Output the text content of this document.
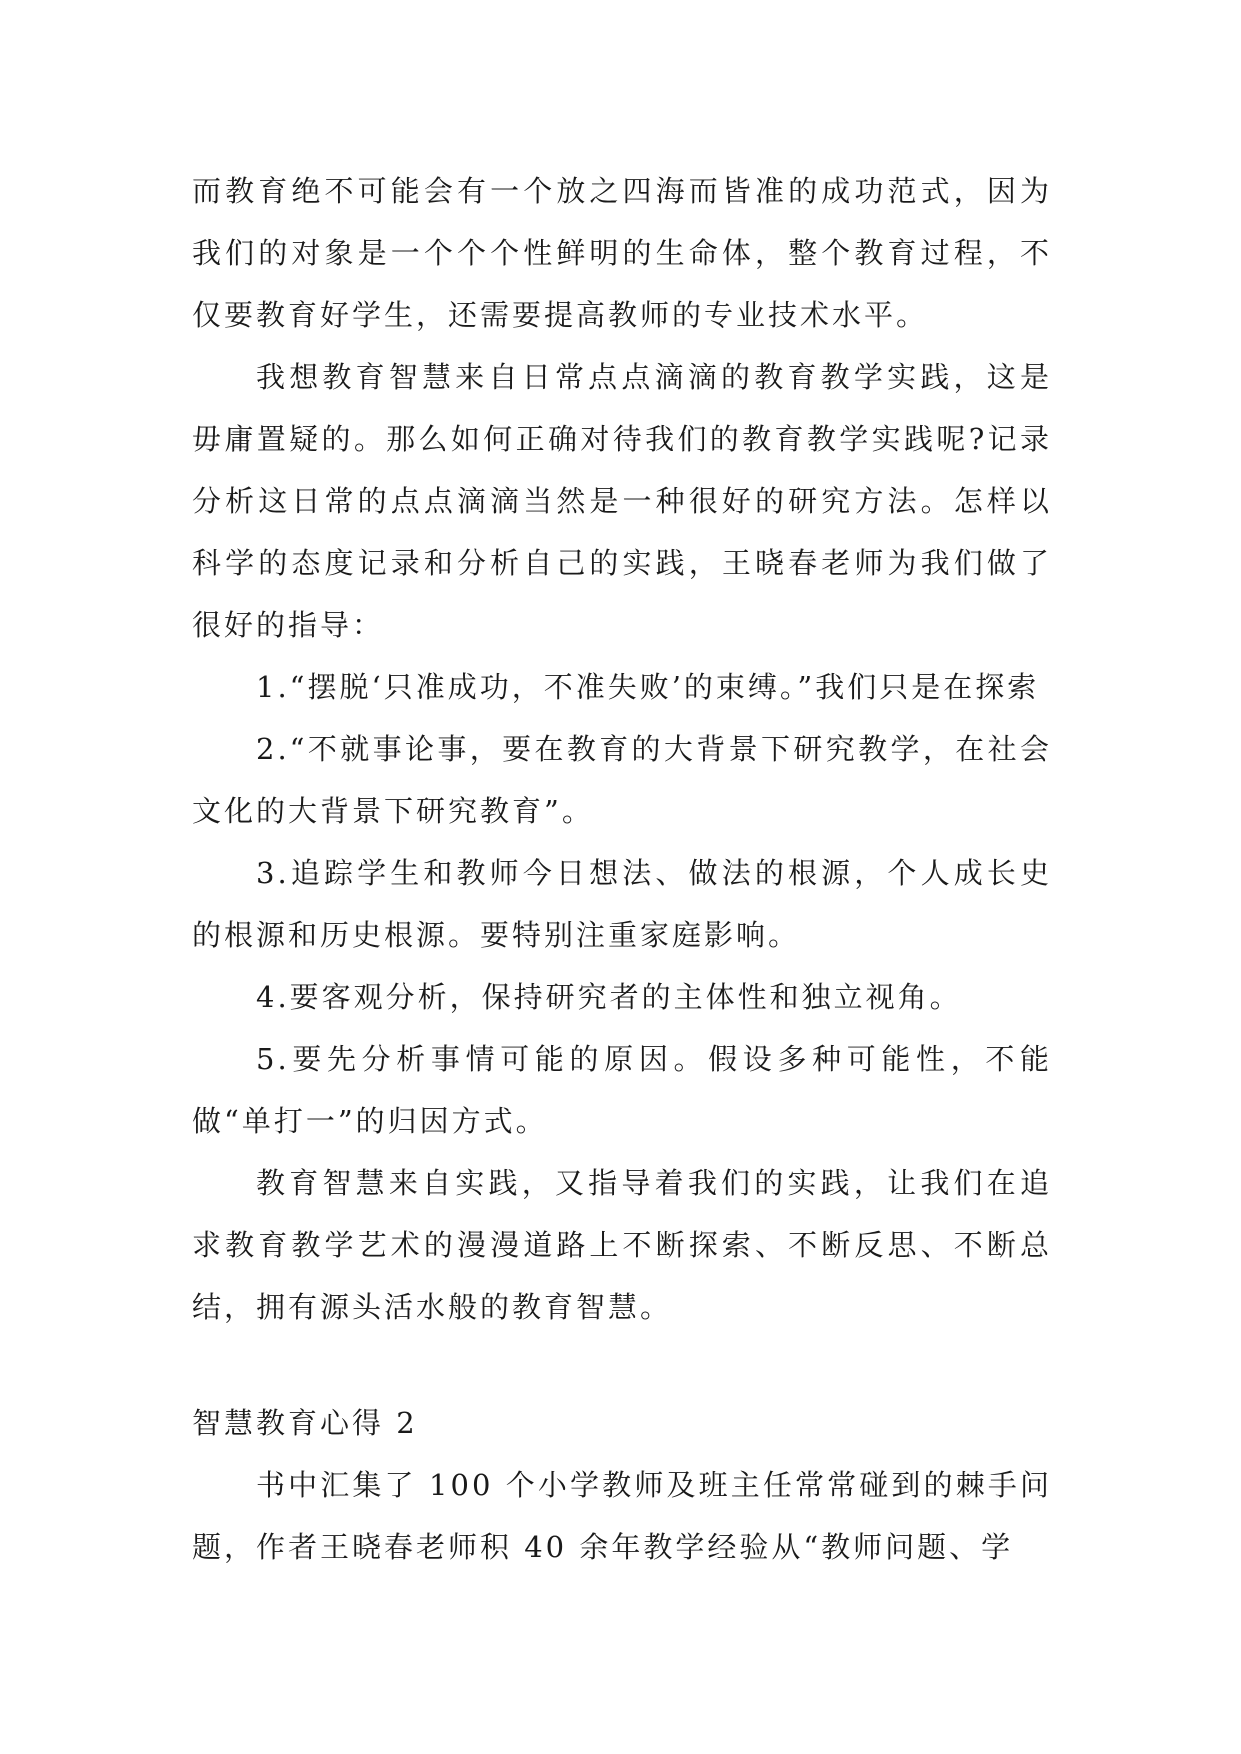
而教育绝不可能会有一个放之四海而皆准的成功范式，因为我们的对象是一个个个性鲜明的生命体，整个教育过程，不仅要教育好学生，还需要提高教师的专业技术水平。

我想教育智慧来自日常点点滴滴的教育教学实践，这是毋庸置疑的。那么如何正确对待我们的教育教学实践呢?记录分析这日常的点点滴滴当然是一种很好的研究方法。怎样以科学的态度记录和分析自己的实践，王晓春老师为我们做了很好的指导：

1.“摆脱‘只准成功，不准失败’的束缚。”我们只是在探索

2.“不就事论事，要在教育的大背景下研究教学，在社会文化的大背景下研究教育”。

3.追踪学生和教师今日想法、做法的根源，个人成长史的根源和历史根源。要特别注重家庭影响。

4.要客观分析，保持研究者的主体性和独立视角。

5.要先分析事情可能的原因。假设多种可能性，不能做“单打一”的归因方式。

教育智慧来自实践，又指导着我们的实践，让我们在追求教育教学艺术的漫漫道路上不断探索、不断反思、不断总结，拥有源头活水般的教育智慧。

智慧教育心得 2

书中汇集了 100 个小学教师及班主任常常碰到的棘手问题，作者王晓春老师积 40 余年教学经验从“教师问题、学
